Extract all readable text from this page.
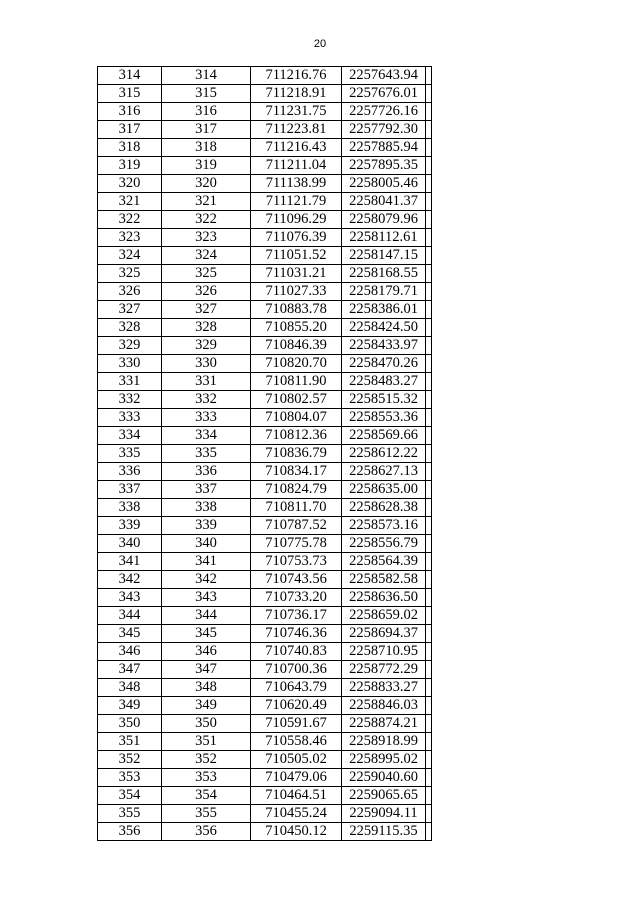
20
314	314	711216.76	2257643.94	
315	315	711218.91	2257676.01	
316	316	711231.75	2257726.16	
317	317	711223.81	2257792.30	
318	318	711216.43	2257885.94	
319	319	711211.04	2257895.35	
320	320	711138.99	2258005.46	
321	321	711121.79	2258041.37	
322	322	711096.29	2258079.96	
323	323	711076.39	2258112.61	
324	324	711051.52	2258147.15	
325	325	711031.21	2258168.55	
326	326	711027.33	2258179.71	
327	327	710883.78	2258386.01	
328	328	710855.20	2258424.50	
329	329	710846.39	2258433.97	
330	330	710820.70	2258470.26	
331	331	710811.90	2258483.27	
332	332	710802.57	2258515.32	
333	333	710804.07	2258553.36	
334	334	710812.36	2258569.66	
335	335	710836.79	2258612.22	
336	336	710834.17	2258627.13	
337	337	710824.79	2258635.00	
338	338	710811.70	2258628.38	
339	339	710787.52	2258573.16	
340	340	710775.78	2258556.79	
341	341	710753.73	2258564.39	
342	342	710743.56	2258582.58	
343	343	710733.20	2258636.50	
344	344	710736.17	2258659.02	
345	345	710746.36	2258694.37	
346	346	710740.83	2258710.95	
347	347	710700.36	2258772.29	
348	348	710643.79	2258833.27	
349	349	710620.49	2258846.03	
350	350	710591.67	2258874.21	
351	351	710558.46	2258918.99	
352	352	710505.02	2258995.02	
353	353	710479.06	2259040.60	
354	354	710464.51	2259065.65	
355	355	710455.24	2259094.11	
356	356	710450.12	2259115.35	
